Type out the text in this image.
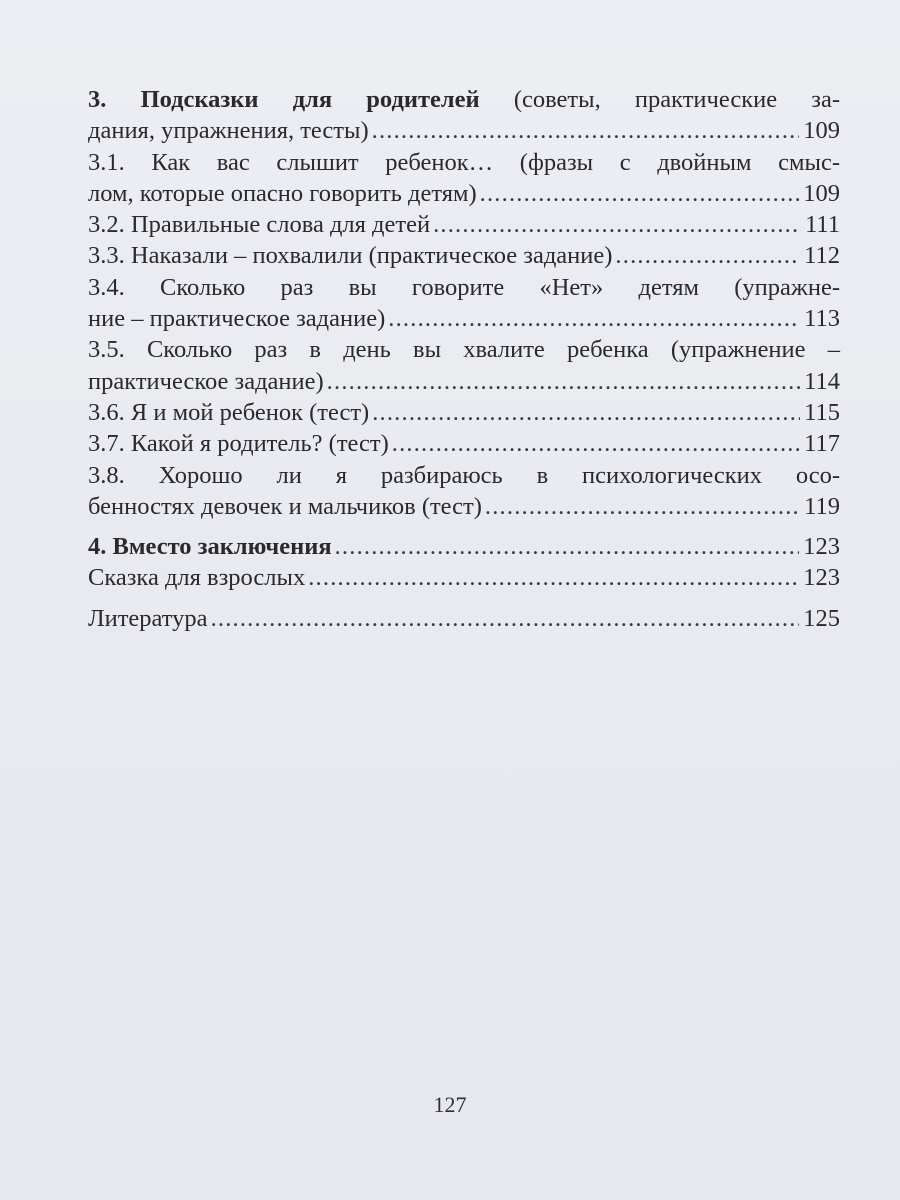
3. Подсказки для родителей (советы, практические за-
дания, упражнения, тесты) .....	109
3.1. Как вас слышит ребенок… (фразы с двойным смыс-
лом, которые опасно говорить детям) .....	109
3.2. Правильные слова для детей .....	111
3.3. Наказали – похвалили (практическое задание) .....	112
3.4. Сколько раз вы говорите «Нет» детям (упражне-
ние – практическое задание) .....	113
3.5. Сколько раз в день вы хвалите ребенка (упражнение –
практическое задание) .....	114
3.6. Я и мой ребенок (тест) .....	115
3.7. Какой я родитель? (тест) .....	117
3.8. Хорошо ли я разбираюсь в психологических осо-
бенностях девочек и мальчиков (тест) .....	119
4. Вместо заключения .....	123
Сказка для взрослых .....	123
Литература .....	125
127
